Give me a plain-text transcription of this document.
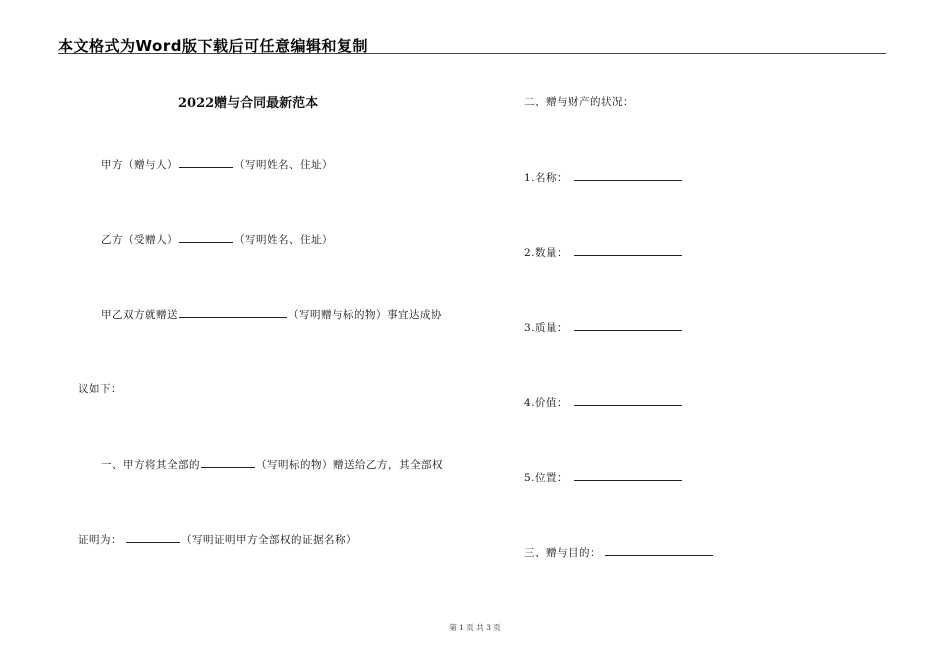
本文格式为Word版下载后可任意编辑和复制
2022赠与合同最新范本
甲方（赠与人）	（写明姓名、住址）
乙方（受赠人）	（写明姓名、住址）
甲乙双方就赠送	（写明赠与标的物）事宜达成协
议如下：
一、甲方将其全部的	（写明标的物）赠送给乙方，其全部权
证明为：	（写明证明甲方全部权的证据名称）
二、赠与财产的状况：
1.名称：
2.数量：
3.质量：
4.价值：
5.位置：
三、赠与目的：
第 1 页 共 3 页
